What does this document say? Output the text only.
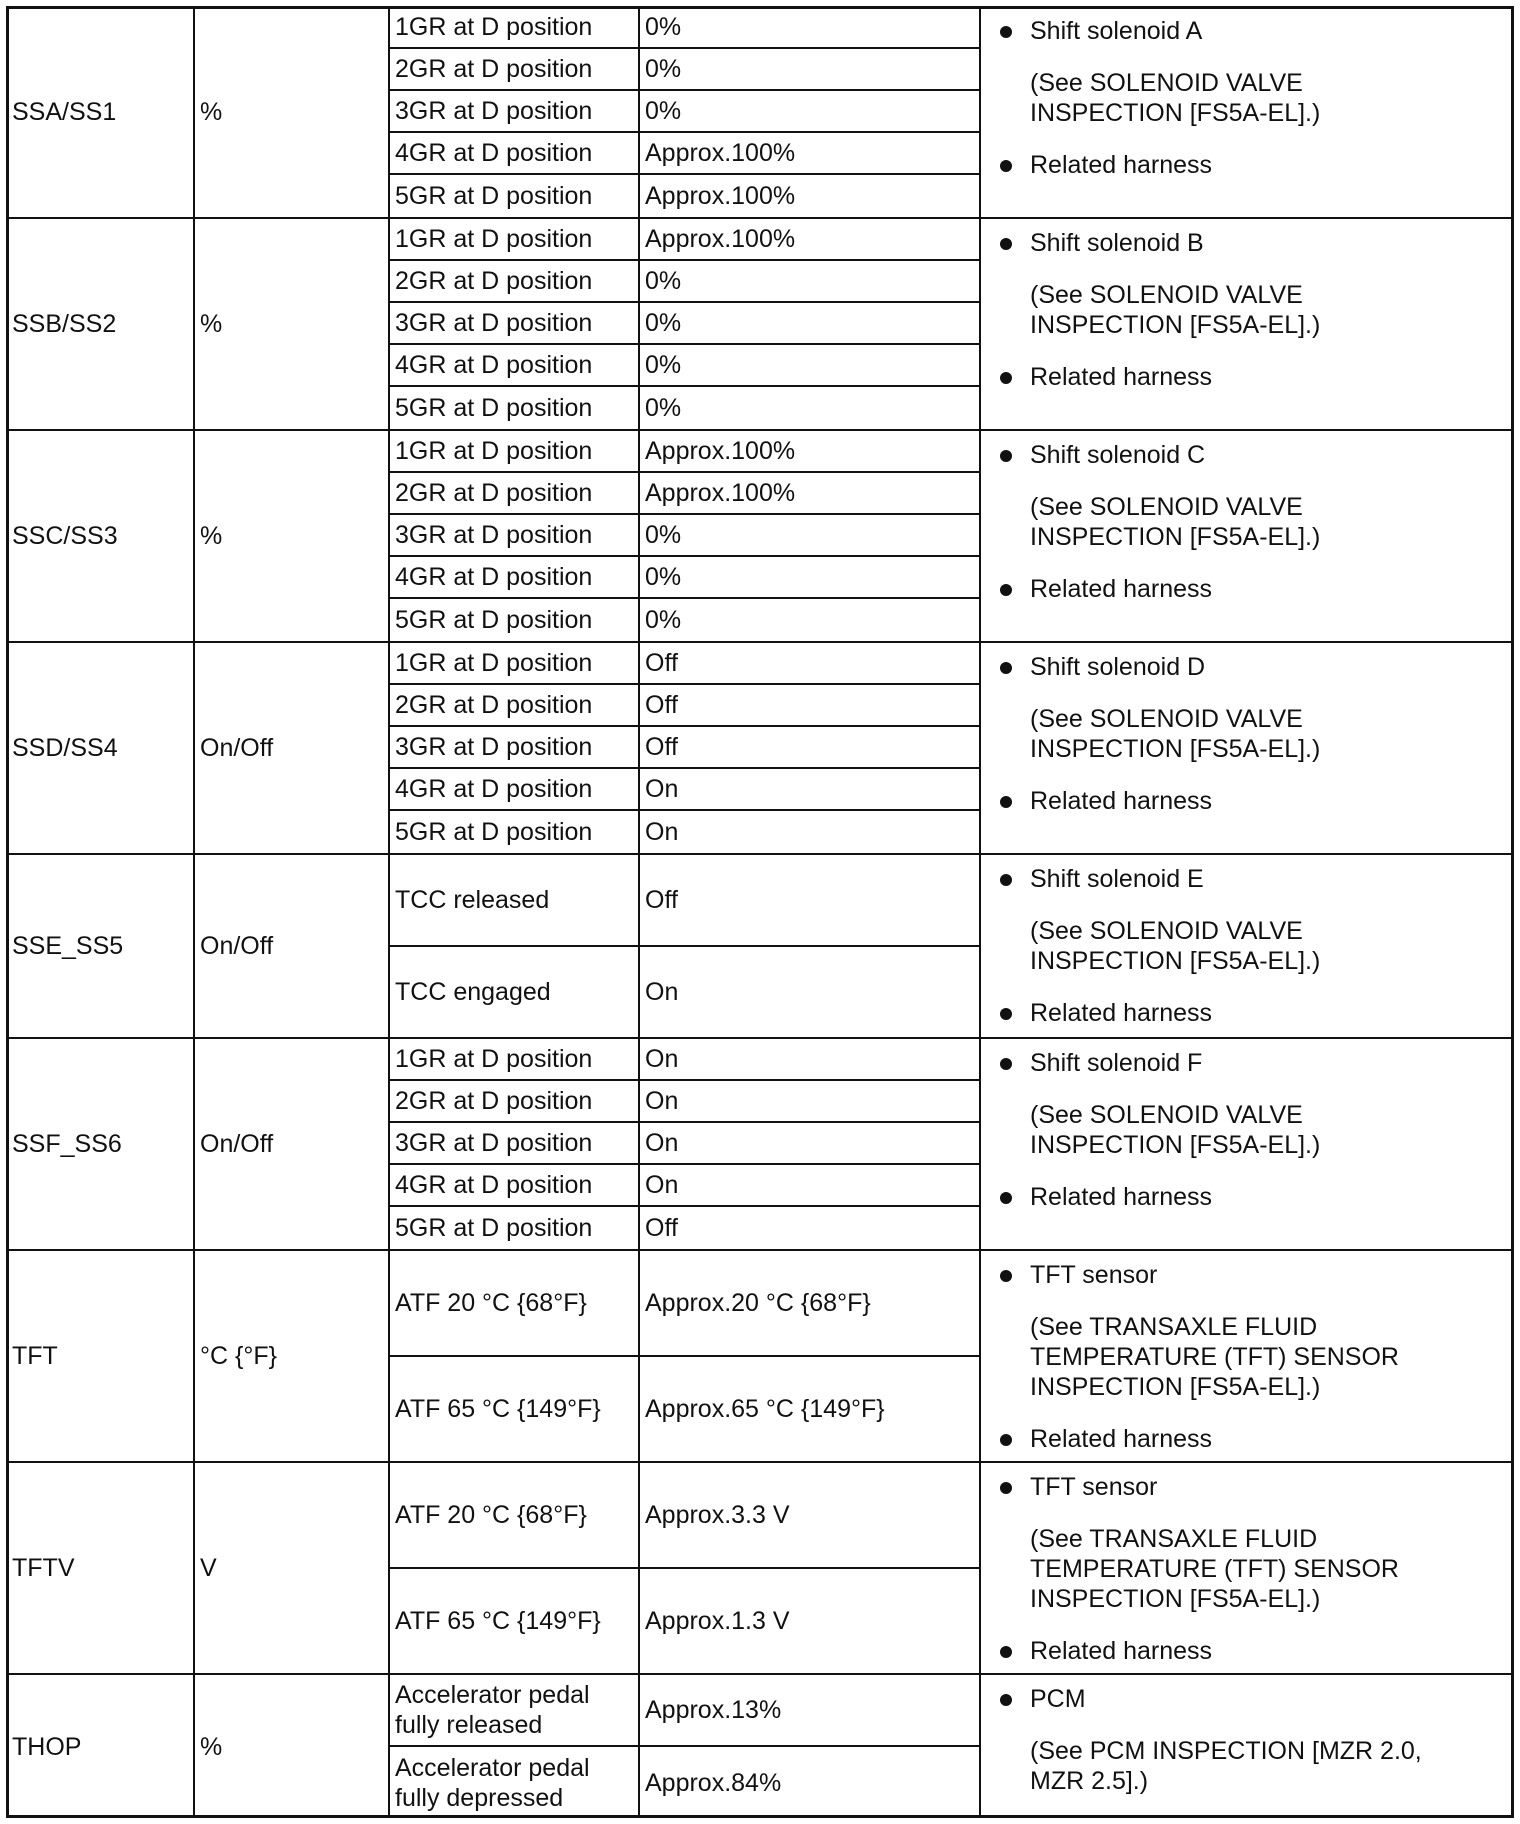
SSA/SS1	%
1GR at D position	0%
2GR at D position	0%
3GR at D position	0%
4GR at D position	Approx.100%
5GR at D position	Approx.100%
Shift solenoid A
(See SOLENOID VALVE
INSPECTION [FS5A-EL].)
Related harness
SSB/SS2	%
1GR at D position	Approx.100%
2GR at D position	0%
3GR at D position	0%
4GR at D position	0%
5GR at D position	0%
Shift solenoid B
(See SOLENOID VALVE
INSPECTION [FS5A-EL].)
Related harness
SSC/SS3	%
1GR at D position	Approx.100%
2GR at D position	Approx.100%
3GR at D position	0%
4GR at D position	0%
5GR at D position	0%
Shift solenoid C
(See SOLENOID VALVE
INSPECTION [FS5A-EL].)
Related harness
SSD/SS4	On/Off
1GR at D position	Off
2GR at D position	Off
3GR at D position	Off
4GR at D position	On
5GR at D position	On
Shift solenoid D
(See SOLENOID VALVE
INSPECTION [FS5A-EL].)
Related harness
SSE_SS5	On/Off
TCC released	Off
TCC engaged	On
Shift solenoid E
(See SOLENOID VALVE
INSPECTION [FS5A-EL].)
Related harness
SSF_SS6	On/Off
1GR at D position	On
2GR at D position	On
3GR at D position	On
4GR at D position	On
5GR at D position	Off
Shift solenoid F
(See SOLENOID VALVE
INSPECTION [FS5A-EL].)
Related harness
TFT	°C {°F}
ATF 20 °C {68°F}	Approx.20 °C {68°F}
ATF 65 °C {149°F}	Approx.65 °C {149°F}
TFT sensor
(See TRANSAXLE FLUID
TEMPERATURE (TFT) SENSOR
INSPECTION [FS5A-EL].)
Related harness
TFTV	V
ATF 20 °C {68°F}	Approx.3.3 V
ATF 65 °C {149°F}	Approx.1.3 V
TFT sensor
(See TRANSAXLE FLUID
TEMPERATURE (TFT) SENSOR
INSPECTION [FS5A-EL].)
Related harness
THOP	%
Accelerator pedal
fully released
Approx.13%
Accelerator pedal
fully depressed
Approx.84%
PCM
(See PCM INSPECTION [MZR 2.0,
MZR 2.5].)
